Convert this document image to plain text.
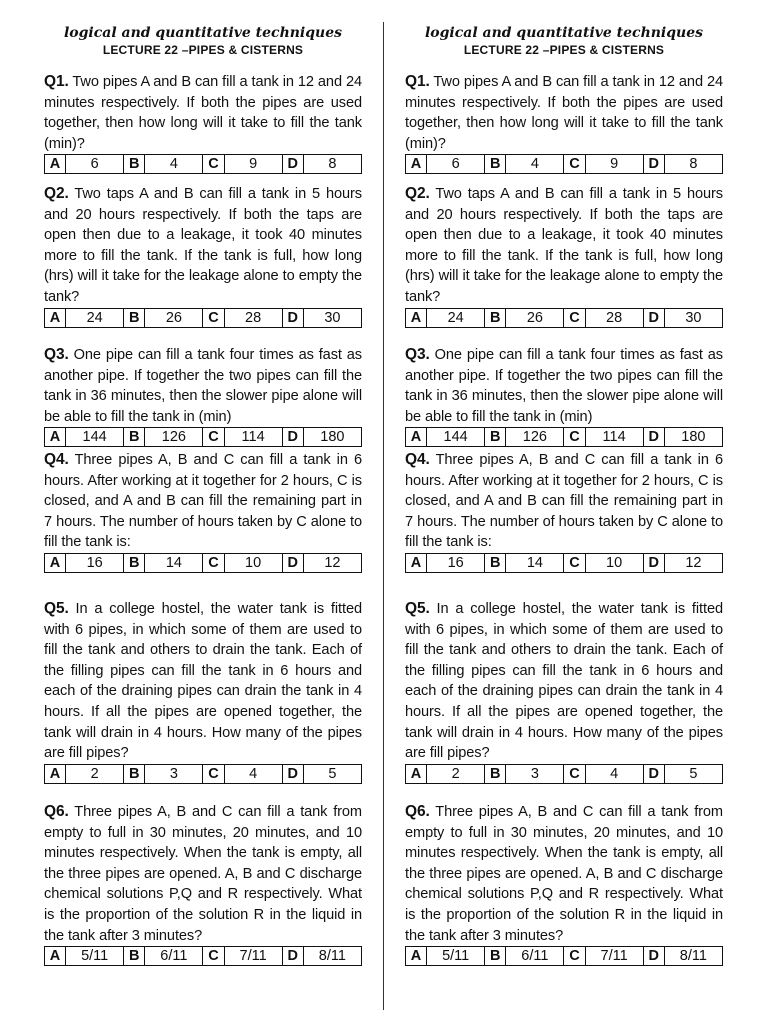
logical and quantitative techniques

LECTURE 22 –PIPES & CISTERNS

Q1. Two pipes A and B can fill a tank in 12 and 24 minutes respectively. If both the pipes are used together, then how long will it take to fill the tank (min)?

A	6	B	4	C	9	D	8

Q2. Two taps A and B can fill a tank in 5 hours and 20 hours respectively. If both the taps are open then due to a leakage, it took 40 minutes more to fill the tank. If the tank is full, how long (hrs) will it take for the leakage alone to empty the tank?

A	24	B	26	C	28	D	30

Q3. One pipe can fill a tank four times as fast as another pipe. If together the two pipes can fill the tank in 36 minutes, then the slower pipe alone will be able to fill the tank in (min)

A	144	B	126	C	114	D	180

Q4. Three pipes A, B and C can fill a tank in 6 hours. After working at it together for 2 hours, C is closed, and A and B can fill the remaining part in 7 hours. The number of hours taken by C alone to fill the tank is:

A	16	B	14	C	10	D	12

Q5. In a college hostel, the water tank is fitted with 6 pipes, in which some of them are used to fill the tank and others to drain the tank. Each of the filling pipes can fill the tank in 6 hours and each of the draining pipes can drain the tank in 4 hours. If all the pipes are opened together, the tank will drain in 4 hours. How many of the pipes are fill pipes?

A	2	B	3	C	4	D	5

Q6. Three pipes A, B and C can fill a tank from empty to full in 30 minutes, 20 minutes, and 10 minutes respectively. When the tank is empty, all the three pipes are opened. A, B and C discharge chemical solutions P,Q and R respectively. What is the proportion of the solution R in the liquid in the tank after 3 minutes?

A	5/11	B	6/11	C	7/11	D	8/11

logical and quantitative techniques

LECTURE 22 –PIPES & CISTERNS

Q1. Two pipes A and B can fill a tank in 12 and 24 minutes respectively. If both the pipes are used together, then how long will it take to fill the tank (min)?

A	6	B	4	C	9	D	8

Q2. Two taps A and B can fill a tank in 5 hours and 20 hours respectively. If both the taps are open then due to a leakage, it took 40 minutes more to fill the tank. If the tank is full, how long (hrs) will it take for the leakage alone to empty the tank?

A	24	B	26	C	28	D	30

Q3. One pipe can fill a tank four times as fast as another pipe. If together the two pipes can fill the tank in 36 minutes, then the slower pipe alone will be able to fill the tank in (min)

A	144	B	126	C	114	D	180

Q4. Three pipes A, B and C can fill a tank in 6 hours. After working at it together for 2 hours, C is closed, and A and B can fill the remaining part in 7 hours. The number of hours taken by C alone to fill the tank is:

A	16	B	14	C	10	D	12

Q5. In a college hostel, the water tank is fitted with 6 pipes, in which some of them are used to fill the tank and others to drain the tank. Each of the filling pipes can fill the tank in 6 hours and each of the draining pipes can drain the tank in 4 hours. If all the pipes are opened together, the tank will drain in 4 hours. How many of the pipes are fill pipes?

A	2	B	3	C	4	D	5

Q6. Three pipes A, B and C can fill a tank from empty to full in 30 minutes, 20 minutes, and 10 minutes respectively. When the tank is empty, all the three pipes are opened. A, B and C discharge chemical solutions P,Q and R respectively. What is the proportion of the solution R in the liquid in the tank after 3 minutes?

A	5/11	B	6/11	C	7/11	D	8/11
